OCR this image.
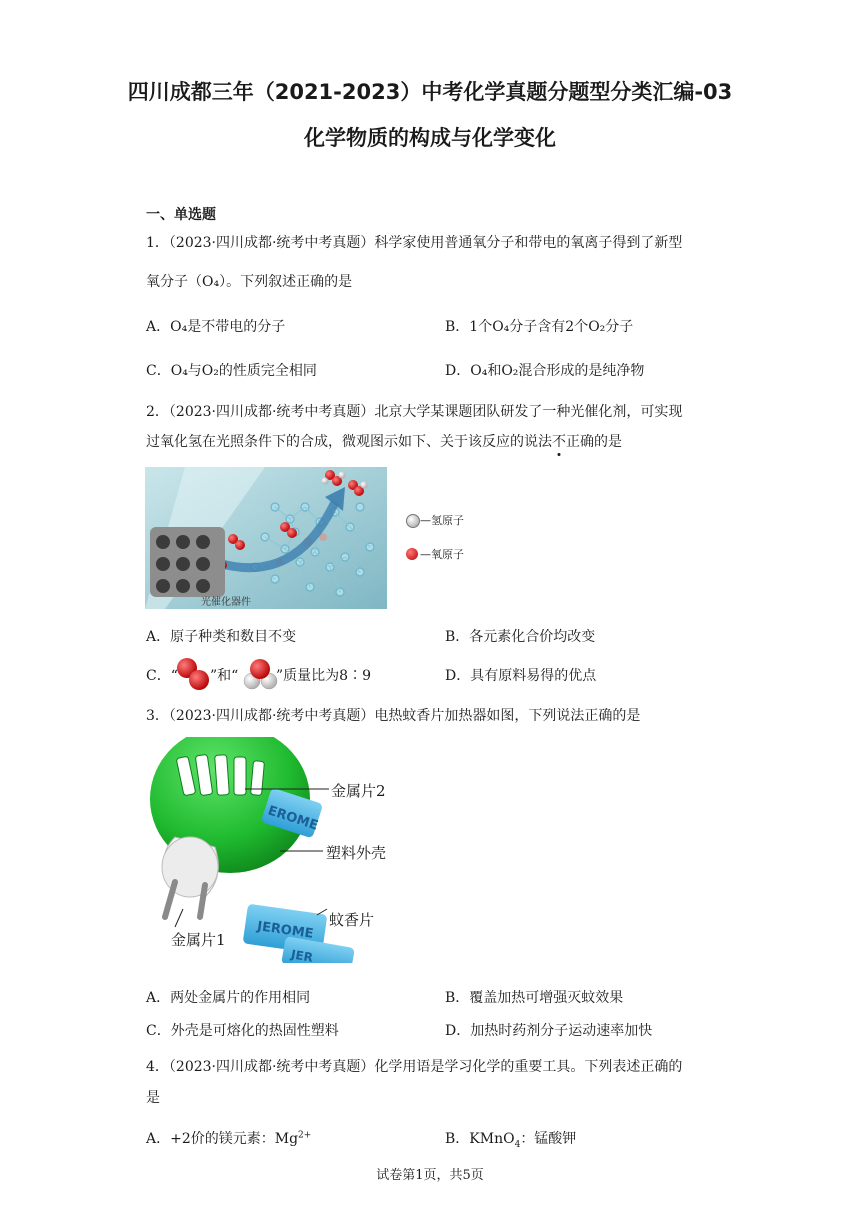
四川成都三年（2021-2023）中考化学真题分题型分类汇编-03
化学物质的构成与化学变化
一、单选题
1．（2023·四川成都·统考中考真题）科学家使用普通氧分子和带电的氧离子得到了新型
氧分子（O₄）。下列叙述正确的是
A．O₄是不带电的分子	B．1个O₄分子含有2个O₂分子
C．O₄与O₂的性质完全相同	D．O₄和O₂混合形成的是纯净物
2．（2023·四川成都·统考中考真题）北京大学某课题团队研发了一种光催化剂，可实现
过氧化氢在光照条件下的合成，微观图示如下、关于该反应的说法不正确的是
光催化器件
—氢原子
—氧原子
A．原子种类和数目不变	B．各元素化合价均改变
C．“ ”和“	”质量比为8∶9	D．具有原料易得的优点
3．（2023·四川成都·统考中考真题）电热蚊香片加热器如图，下列说法正确的是
EROME
JEROME
JER
金属片2
塑料外壳
蚊香片
金属片1
A．两处金属片的作用相同	B．覆盖加热可增强灭蚊效果
C．外壳是可熔化的热固性塑料	D．加热时药剂分子运动速率加快
4．（2023·四川成都·统考中考真题）化学用语是学习化学的重要工具。下列表述正确的
是
A．+2价的镁元素：$Mg^{2+}$	B．KMnO$_4$：锰酸钾
试卷第1页，共5页
